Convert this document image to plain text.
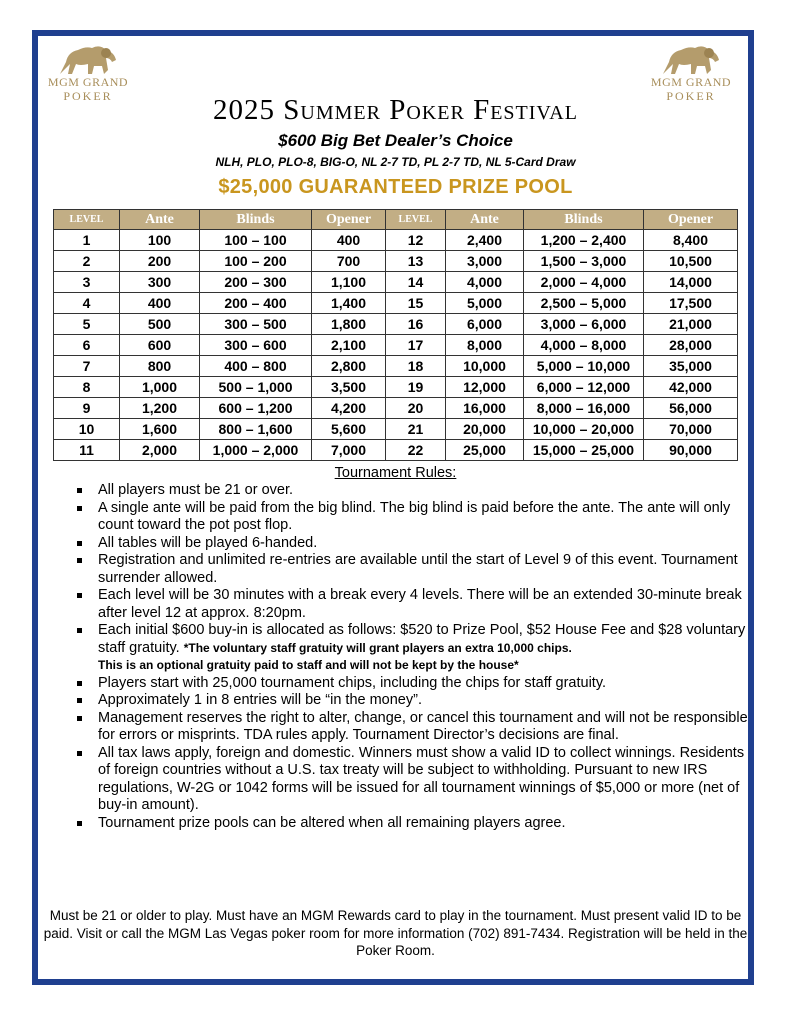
MGM GRAND
POKER
MGM GRAND
POKER
2025 Summer Poker Festival
$600 Big Bet Dealer’s Choice
NLH, PLO, PLO-8, BIG-O, NL 2-7 TD, PL 2-7 TD, NL 5-Card Draw
$25,000 GUARANTEED PRIZE POOL
LEVEL	Ante	Blinds	Opener	LEVEL	Ante	Blinds	Opener
1	100	100 – 100	400	12	2,400	1,200 – 2,400	8,400
2	200	100 – 200	700	13	3,000	1,500 – 3,000	10,500
3	300	200 – 300	1,100	14	4,000	2,000 – 4,000	14,000
4	400	200 – 400	1,400	15	5,000	2,500 – 5,000	17,500
5	500	300 – 500	1,800	16	6,000	3,000 – 6,000	21,000
6	600	300 – 600	2,100	17	8,000	4,000 – 8,000	28,000
7	800	400 – 800	2,800	18	10,000	5,000 – 10,000	35,000
8	1,000	500 – 1,000	3,500	19	12,000	6,000 – 12,000	42,000
9	1,200	600 – 1,200	4,200	20	16,000	8,000 – 16,000	56,000
10	1,600	800 – 1,600	5,600	21	20,000	10,000 – 20,000	70,000
11	2,000	1,000 – 2,000	7,000	22	25,000	15,000 – 25,000	90,000
Tournament Rules:
All players must be 21 or over.
A single ante will be paid from the big blind. The big blind is paid before the ante. The ante will only count toward the pot post flop.
All tables will be played 6-handed.
Registration and unlimited re-entries are available until the start of Level 9 of this event. Tournament surrender allowed.
Each level will be 30 minutes with a break every 4 levels. There will be an extended 30-minute break after level 12 at approx. 8:20pm.
Each initial $600 buy-in is allocated as follows: $520 to Prize Pool, $52 House Fee and $28 voluntary staff gratuity. *The voluntary staff gratuity will grant players an extra 10,000 chips.
This is an optional gratuity paid to staff and will not be kept by the house*
Players start with 25,000 tournament chips, including the chips for staff gratuity.
Approximately 1 in 8 entries will be “in the money”.
Management reserves the right to alter, change, or cancel this tournament and will not be responsible for errors or misprints. TDA rules apply. Tournament Director’s decisions are final.
All tax laws apply, foreign and domestic. Winners must show a valid ID to collect winnings. Residents of foreign countries without a U.S. tax treaty will be subject to withholding. Pursuant to new IRS regulations, W-2G or 1042 forms will be issued for all tournament winnings of $5,000 or more (net of buy-in amount).
Tournament prize pools can be altered when all remaining players agree.
Must be 21 or older to play. Must have an MGM Rewards card to play in the tournament. Must present valid ID to be paid. Visit or call the MGM Las Vegas poker room for more information (702) 891-7434. Registration will be held in the Poker Room.
